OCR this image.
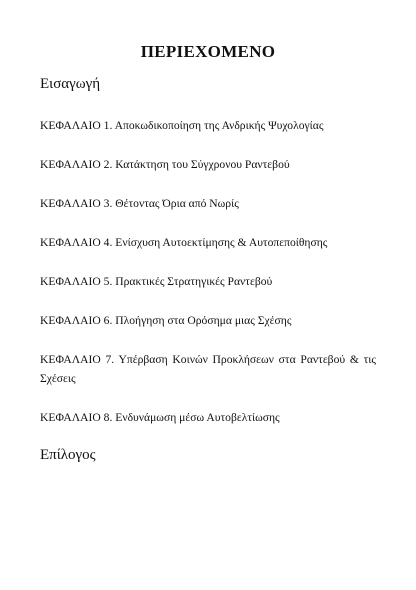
ΠΕΡΙΕΧΟΜΕΝΟ

Εισαγωγή

ΚΕΦΑΛΑΙΟ 1. Αποκωδικοποίηση της Ανδρικής Ψυχολογίας
ΚΕΦΑΛΑΙΟ 2. Κατάκτηση του Σύγχρονου Ραντεβού
ΚΕΦΑΛΑΙΟ 3. Θέτοντας Όρια από Νωρίς
ΚΕΦΑΛΑΙΟ 4. Ενίσχυση Αυτοεκτίμησης & Αυτοπεποίθησης
ΚΕΦΑΛΑΙΟ 5. Πρακτικές Στρατηγικές Ραντεβού
ΚΕΦΑΛΑΙΟ 6. Πλοήγηση στα Ορόσημα μιας Σχέσης
ΚΕΦΑΛΑΙΟ 7. Υπέρβαση Κοινών Προκλήσεων στα Ραντεβού & τις Σχέσεις
ΚΕΦΑΛΑΙΟ 8. Ενδυνάμωση μέσω Αυτοβελτίωσης

Επίλογος
